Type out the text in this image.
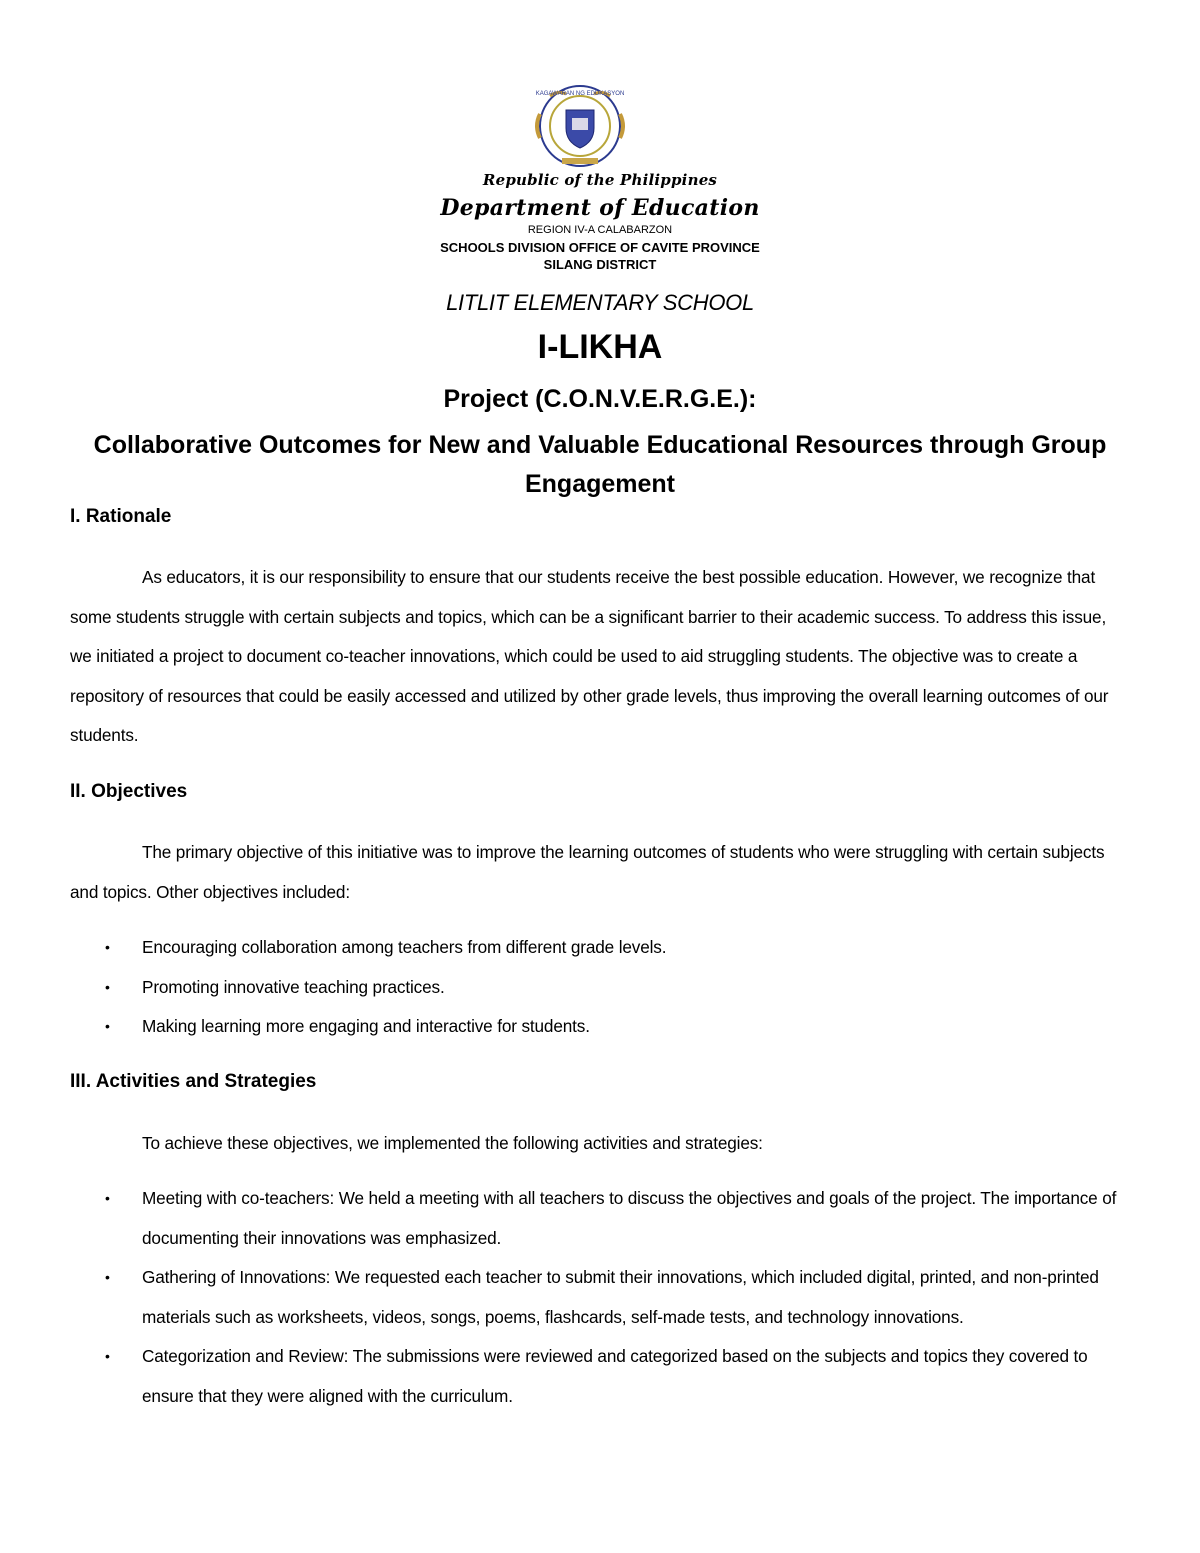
KAGAWARAN NG EDUKASYON
Republic of the Philippines
Department of Education
REGION IV-A CALABARZON
SCHOOLS DIVISION OFFICE OF CAVITE PROVINCE
SILANG DISTRICT
LITLIT ELEMENTARY SCHOOL
I-LIKHA
Project (C.O.N.V.E.R.G.E.):
Collaborative Outcomes for New and Valuable Educational Resources through Group Engagement
I. Rationale
As educators, it is our responsibility to ensure that our students receive the best possible education. However, we recognize that some students struggle with certain subjects and topics, which can be a significant barrier to their academic success. To address this issue, we initiated a project to document co-teacher innovations, which could be used to aid struggling students. The objective was to create a repository of resources that could be easily accessed and utilized by other grade levels, thus improving the overall learning outcomes of our students.
II. Objectives
The primary objective of this initiative was to improve the learning outcomes of students who were struggling with certain subjects and topics. Other objectives included:
• Encouraging collaboration among teachers from different grade levels.
• Promoting innovative teaching practices.
• Making learning more engaging and interactive for students.
III. Activities and Strategies
To achieve these objectives, we implemented the following activities and strategies:
• Meeting with co-teachers: We held a meeting with all teachers to discuss the objectives and goals of the project. The importance of documenting their innovations was emphasized.
• Gathering of Innovations: We requested each teacher to submit their innovations, which included digital, printed, and non-printed materials such as worksheets, videos, songs, poems, flashcards, self-made tests, and technology innovations.
• Categorization and Review: The submissions were reviewed and categorized based on the subjects and topics they covered to ensure that they were aligned with the curriculum.
